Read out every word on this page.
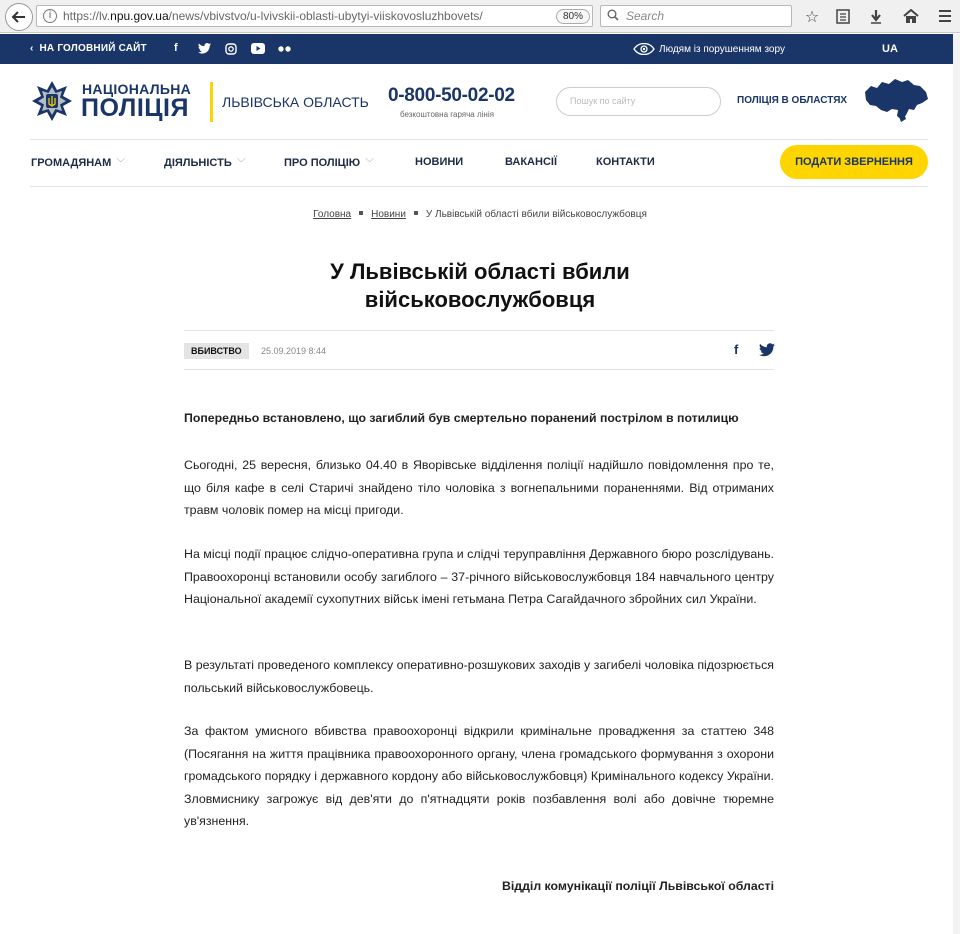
i https://lv.npu.gov.ua/news/vbivstvo/u-lvivskii-oblasti-ubytyi-viiskovosluzhbovets/	80%	Search	☆
‹  НА ГОЛОВНИЙ САЙТ f	Людям із порушенням зору	UA
НАЦІОНАЛЬНА
ПОЛІЦІЯ ЛЬВІВСЬКА ОБЛАСТЬ 0-800-50-02-02
безкоштовна гаряча лінія
Пошук по сайту	ПОЛІЦІЯ В ОБЛАСТЯХ
ГРОМАДЯНАМ ﹀	ДІЯЛЬНІСТЬ ﹀	ПРО ПОЛІЦІЮ ﹀	НОВИНИ	ВАКАНСІЇ	КОНТАКТИ	ПОДАТИ ЗВЕРНЕННЯ
Головна Новини У Львівській області вбили військовослужбовця
У Львівській області вбили
військовослужбовця
ВБИВСТВО	25.09.2019 8:44	f

Попередньо встановлено, що загиблий був смертельно поранений пострілом в потилицю

Сьогодні, 25 вересня, близько 04.40 в Яворівське відділення поліції надійшло повідомлення про те, що біля кафе в селі Старичі знайдено тіло чоловіка з вогнепальними пораненнями. Від отриманих травм чоловік помер на місці пригоди.

На місці події працює слідчо-оперативна група и слідчі теруправління Державного бюро розслідувань. Правоохоронці встановили особу загиблого – 37-річного військовослужбовця 184 навчального центру Національної академії сухопутних військ імені гетьмана Петра Сагайдачного збройних сил України.

В результаті проведеного комплексу оперативно-розшукових заходів у загибелі чоловіка підозрюється польський військовослужбовець.

За фактом умисного вбивства правоохоронці відкрили кримінальне провадження за статтею 348 (Посягання на життя працівника правоохоронного органу, члена громадського формування з охорони громадського порядку і державного кордону або військовослужбовця) Кримінального кодексу України. Зловмиснику загрожує від дев'яти до п'ятнадцяти років позбавлення волі або довічне тюремне ув'язнення.

Відділ комунікації поліції Львівської області
